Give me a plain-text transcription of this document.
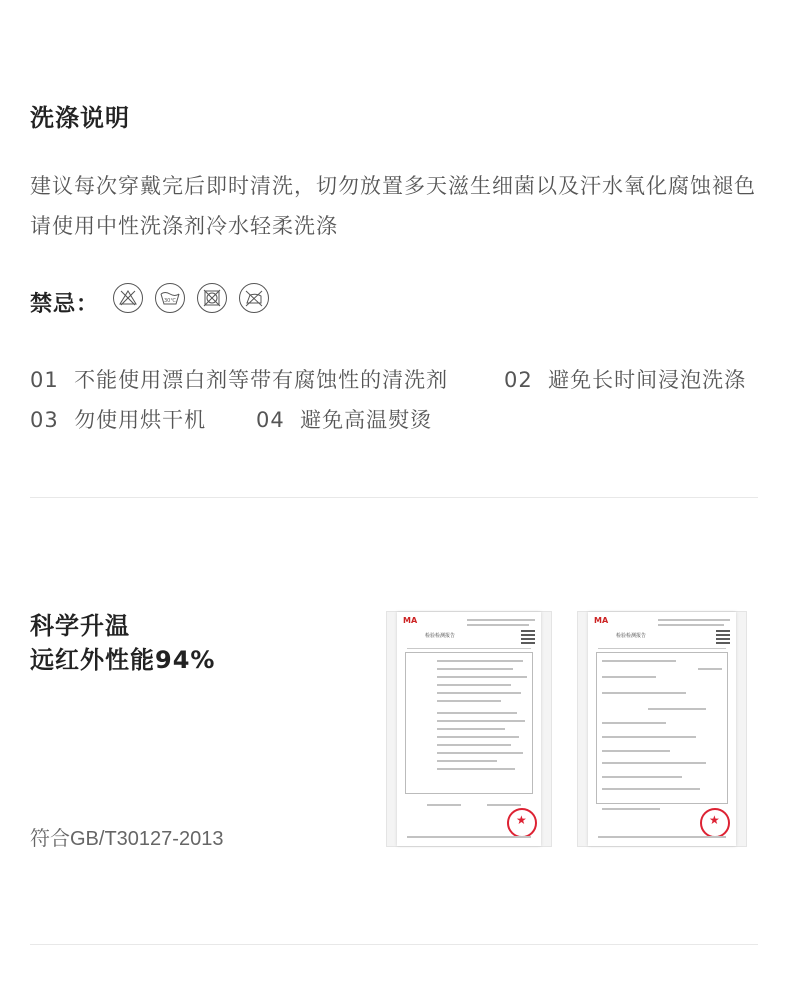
洗涤说明
建议每次穿戴完后即时清洗，切勿放置多天滋生细菌以及汗水氧化腐蚀褪色
请使用中性洗涤剂冷水轻柔洗涤
禁忌：	30℃
01 不能使用漂白剂等带有腐蚀性的清洗剂	02 避免长时间浸泡洗涤
03 勿使用烘干机 04 避免高温熨烫
科学升温
远红外性能94%
符合GB/T30127-2013
MA
检验检测报告
★
MA
检验检测报告
★
